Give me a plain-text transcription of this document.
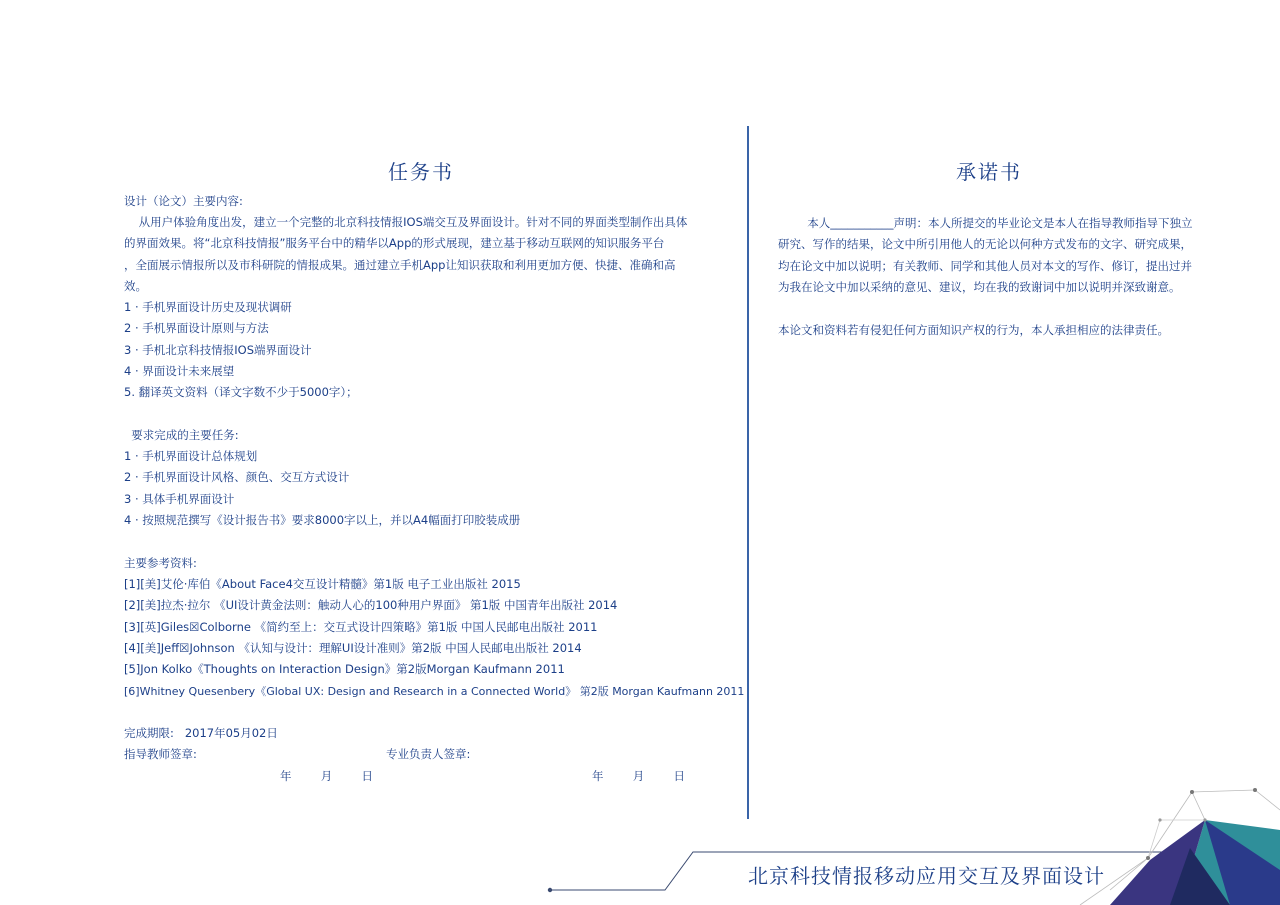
任务书	承诺书
设计（论文）主要内容:
从用户体验角度出发，建立一个完整的北京科技情报IOS端交互及界面设计。针对不同的界面类型制作出具体
的界面效果。将“北京科技情报”服务平台中的精华以App的形式展现，建立基于移动互联网的知识服务平台
，全面展示情报所以及市科研院的情报成果。通过建立手机App让知识获取和利用更加方便、快捷、准确和高
效。
1 · 手机界面设计历史及现状调研
2 · 手机界面设计原则与方法
3 · 手机北京科技情报IOS端界面设计
4 · 界面设计未来展望
5. 翻译英文资料（译文字数不少于5000字）；
要求完成的主要任务:
1 · 手机界面设计总体规划
2 · 手机界面设计风格、颜色、交互方式设计
3 · 具体手机界面设计
4 · 按照规范撰写《设计报告书》要求8000字以上，并以A4幅面打印胶装成册
主要参考资料:
[1][美]艾伦·库伯《About Face4交互设计精髓》第1版 电子工业出版社 2015
[2][美]拉杰·拉尔 《UI设计黄金法则：触动人心的100种用户界面》 第1版 中国青年出版社 2014
[3][英]Giles☒Colborne 《简约至上：交互式设计四策略》第1版 中国人民邮电出版社 2011
[4][美]Jeff☒Johnson 《认知与设计：理解UI设计准则》第2版 中国人民邮电出版社 2014
[5]Jon Kolko《Thoughts on Interaction Design》第2版Morgan Kaufmann 2011
[6]Whitney Quesenbery《Global UX: Design and Research in a Connected World》 第2版 Morgan Kaufmann 2011
完成期限:   2017年05月02日
指导教师签章:	专业负责人签章:
年        月        日	年        月        日
本人___________声明：本人所提交的毕业论文是本人在指导教师指导下独立研究、写作的结果，论文中所引用他人的无论以何种方式发布的文字、研究成果，均在论文中加以说明；有关教师、同学和其他人员对本文的写作、修订，提出过并为我在论文中加以采纳的意见、建议，均在我的致谢词中加以说明并深致谢意。
本论文和资料若有侵犯任何方面知识产权的行为，本人承担相应的法律责任。
北京科技情报移动应用交互及界面设计
